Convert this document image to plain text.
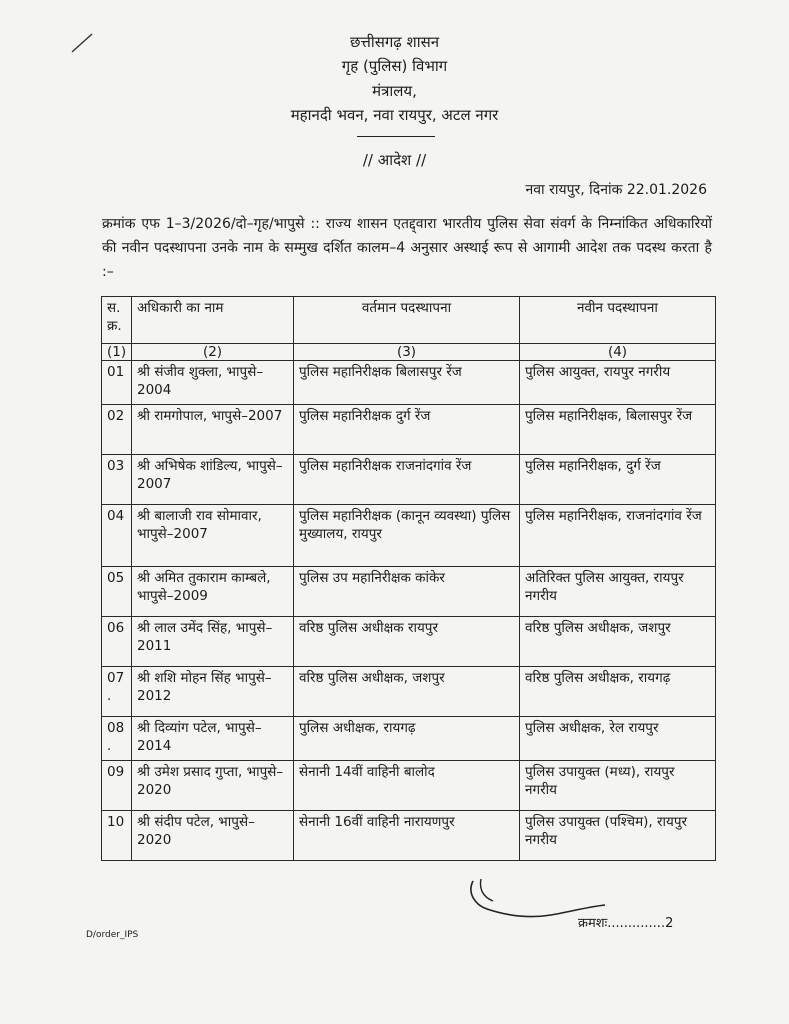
छत्तीसगढ़ शासन
गृह (पुलिस) विभाग
मंत्रालय,
महानदी भवन, नवा रायपुर, अटल नगर
// आदेश //
नवा रायपुर, दिनांक 22.01.2026
क्रमांक एफ 1–3/2026/दो–गृह/भापुसे :: राज्य शासन एतद्द्वारा भारतीय पुलिस सेवा संवर्ग के निम्नांकित अधिकारियों की नवीन पदस्थापना उनके नाम के सम्मुख दर्शित कालम–4 अनुसार अस्थाई रूप से आगामी आदेश तक पदस्थ करता है :–
स. क्र.	अधिकारी का नाम	वर्तमान पदस्थापना	नवीन पदस्थापना
(1)	(2)	(3)	(4)
01	श्री संजीव शुक्ला, भापुसे–2004	पुलिस महानिरीक्षक बिलासपुर रेंज	पुलिस आयुक्त, रायपुर नगरीय
02	श्री रामगोपाल, भापुसे–2007	पुलिस महानिरीक्षक दुर्ग रेंज	पुलिस महानिरीक्षक, बिलासपुर रेंज
03	श्री अभिषेक शांडिल्य, भापुसे–2007	पुलिस महानिरीक्षक राजनांदगांव रेंज	पुलिस महानिरीक्षक, दुर्ग रेंज
04	श्री बालाजी राव सोमावार, भापुसे–2007	पुलिस महानिरीक्षक (कानून व्यवस्था) पुलिस मुख्यालय, रायपुर	पुलिस महानिरीक्षक, राजनांदगांव रेंज
05	श्री अमित तुकाराम काम्बले, भापुसे–2009	पुलिस उप महानिरीक्षक कांकेर	अतिरिक्त पुलिस आयुक्त, रायपुर नगरीय
06	श्री लाल उमेंद सिंह, भापुसे–2011	वरिष्ठ पुलिस अधीक्षक रायपुर	वरिष्ठ पुलिस अधीक्षक, जशपुर
07 .	श्री शशि मोहन सिंह भापुसे– 2012	वरिष्ठ पुलिस अधीक्षक, जशपुर	वरिष्ठ पुलिस अधीक्षक, रायगढ़
08 .	श्री दिव्यांग पटेल, भापुसे–2014	पुलिस अधीक्षक, रायगढ़	पुलिस अधीक्षक, रेल रायपुर
09	श्री उमेश प्रसाद गुप्ता, भापुसे–2020	सेनानी 14वीं वाहिनी बालोद	पुलिस उपायुक्त (मध्य), रायपुर नगरीय
10	श्री संदीप पटेल, भापुसे–2020	सेनानी 16वीं वाहिनी नारायणपुर	पुलिस उपायुक्त (पश्चिम), रायपुर नगरीय
क्रमशः..............2
D/order_IPS
